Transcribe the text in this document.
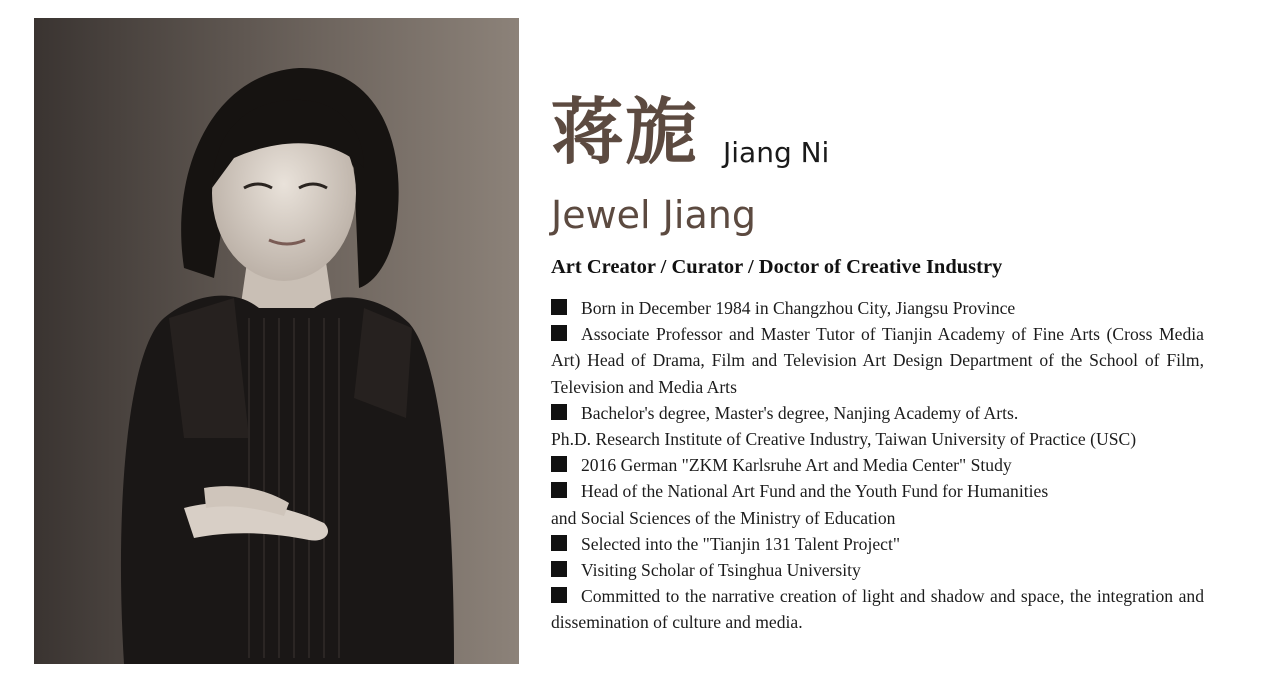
蒋旎 Jiang Ni
Jewel Jiang
Art Creator / Curator / Doctor of Creative Industry

Born in December 1984 in Changzhou City, Jiangsu Province

Associate Professor and Master Tutor of Tianjin Academy of Fine Arts (Cross Media Art) Head of Drama, Film and Television Art Design Department of the School of Film, Television and Media Arts

Bachelor's degree, Master's degree, Nanjing Academy of Arts.

Ph.D. Research Institute of Creative Industry, Taiwan University of Practice (USC)

2016 German "ZKM Karlsruhe Art and Media Center" Study

Head of the National Art Fund and the Youth Fund for Humanities

and Social Sciences of the Ministry of Education

Selected into the "Tianjin 131 Talent Project"

Visiting Scholar of Tsinghua University

Committed to the narrative creation of light and shadow and space, the integration and dissemination of culture and media.
